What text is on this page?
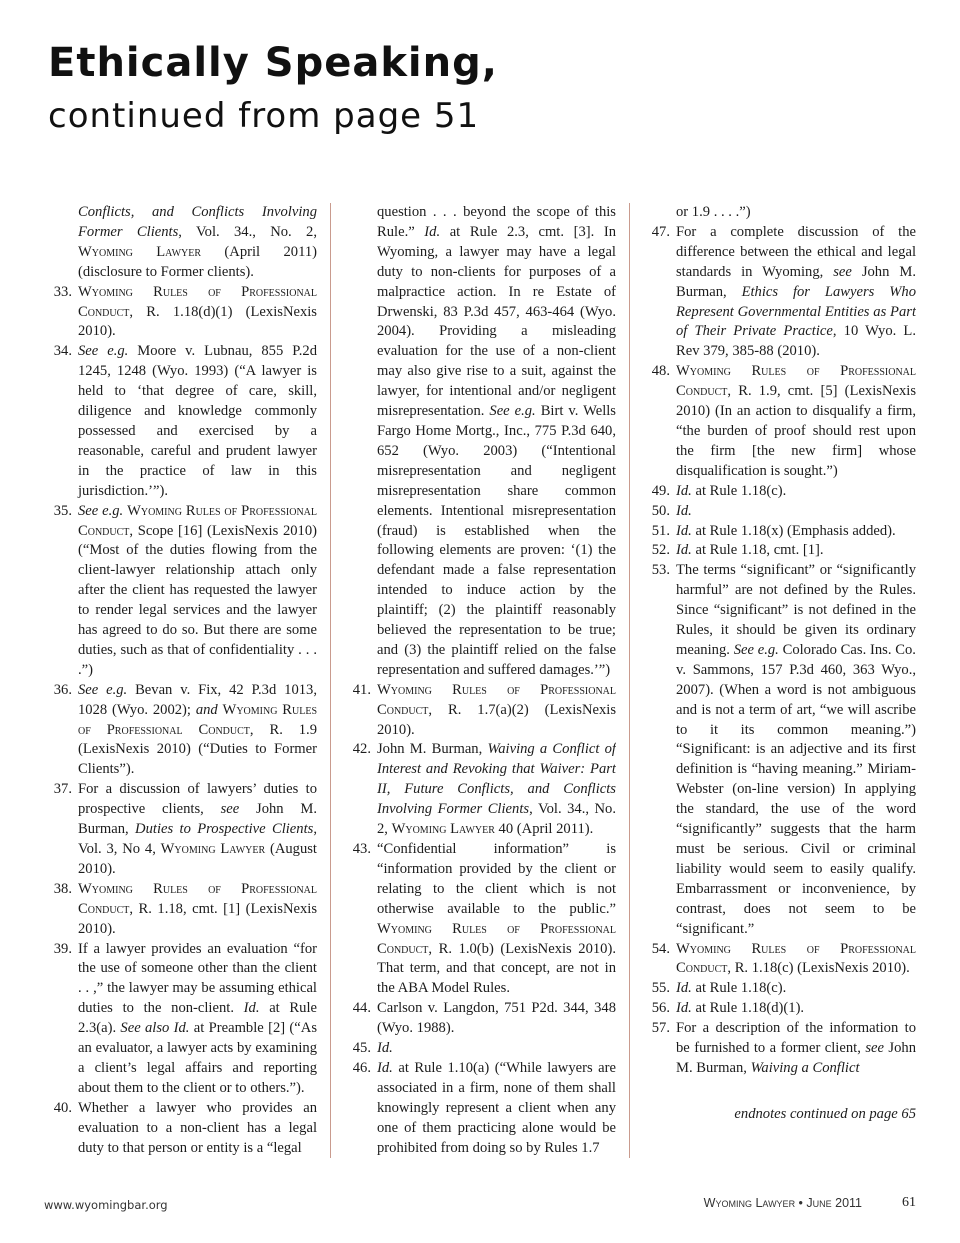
Ethically Speaking,
continued from page 51

Conflicts, and Conflicts Involving Former Clients, Vol. 34., No. 2, Wyoming Lawyer (April 2011) (disclosure to Former clients).

33. Wyoming Rules of Professional Conduct, R. 1.18(d)(1) (LexisNexis 2010).

34. See e.g. Moore v. Lubnau, 855 P.2d 1245, 1248 (Wyo. 1993) (“A lawyer is held to ‘that degree of care, skill, diligence and knowledge commonly possessed and exercised by a reasonable, careful and prudent lawyer in the practice of law in this jurisdiction.’”).

35. See e.g. Wyoming Rules of Professional Conduct, Scope [16] (LexisNexis 2010) (“Most of the duties flowing from the client-lawyer relationship attach only after the client has requested the lawyer to render legal services and the lawyer has agreed to do so. But there are some duties, such as that of confidentiality . . . .”)

36. See e.g. Bevan v. Fix, 42 P.3d 1013, 1028 (Wyo. 2002); and Wyoming Rules of Professional Conduct, R. 1.9 (LexisNexis 2010) (“Duties to Former Clients”).

37. For a discussion of lawyers’ duties to prospective clients, see John M. Burman, Duties to Prospective Clients, Vol. 3, No 4, Wyoming Lawyer (August 2010).

38. Wyoming Rules of Professional Conduct, R. 1.18, cmt. [1] (LexisNexis 2010).

39. If a lawyer provides an evaluation “for the use of someone other than the client . . ,” the lawyer may be assuming ethical duties to the non-client. Id. at Rule 2.3(a). See also Id. at Preamble [2] (“As an evaluator, a lawyer acts by examining a client’s legal affairs and reporting about them to the client or to others.”).

40. Whether a lawyer who provides an evaluation to a non-client has a legal duty to that person or entity is a “legal

question . . . beyond the scope of this Rule.” Id. at Rule 2.3, cmt. [3]. In Wyoming, a lawyer may have a legal duty to non-clients for purposes of a malpractice action. In re Estate of Drwenski, 83 P.3d 457, 463-464 (Wyo. 2004). Providing a misleading evaluation for the use of a non-client may also give rise to a suit, against the lawyer, for intentional and/or negligent misrepresentation. See e.g. Birt v. Wells Fargo Home Mortg., Inc., 775 P.3d 640, 652 (Wyo. 2003) (“Intentional misrepresentation and negligent misrepresentation share common elements. Intentional misrepresentation (fraud) is established when the following elements are proven: ‘(1) the defendant made a false representation intended to induce action by the plaintiff; (2) the plaintiff reasonably believed the representation to be true; and (3) the plaintiff relied on the false representation and suffered damages.’”)

41. Wyoming Rules of Professional Conduct, R. 1.7(a)(2) (LexisNexis 2010).

42. John M. Burman, Waiving a Conflict of Interest and Revoking that Waiver: Part II, Future Conflicts, and Conflicts Involving Former Clients, Vol. 34., No. 2, Wyoming Lawyer 40 (April 2011).

43. “Confidential information” is “information provided by the client or relating to the client which is not otherwise available to the public.” Wyoming Rules of Professional Conduct, R. 1.0(b) (LexisNexis 2010). That term, and that concept, are not in the ABA Model Rules.

44. Carlson v. Langdon, 751 P2d. 344, 348 (Wyo. 1988).

45. Id.

46. Id. at Rule 1.10(a) (“While lawyers are associated in a firm, none of them shall knowingly represent a client when any one of them practicing alone would be prohibited from doing so by Rules 1.7

or 1.9 . . . .”)

47. For a complete discussion of the difference between the ethical and legal standards in Wyoming, see John M. Burman, Ethics for Lawyers Who Represent Governmental Entities as Part of Their Private Practice, 10 Wyo. L. Rev 379, 385-88 (2010).

48. Wyoming Rules of Professional Conduct, R. 1.9, cmt. [5] (LexisNexis 2010) (In an action to disqualify a firm, “the burden of proof should rest upon the firm [the new firm] whose disqualification is sought.”)

49. Id. at Rule 1.18(c).

50. Id.

51. Id. at Rule 1.18(x) (Emphasis added).

52. Id. at Rule 1.18, cmt. [1].

53. The terms “significant” or “significantly harmful” are not defined by the Rules. Since “significant” is not defined in the Rules, it should be given its ordinary meaning. See e.g. Colorado Cas. Ins. Co. v. Sammons, 157 P.3d 460, 363 Wyo., 2007). (When a word is not ambiguous and is not a term of art, “we will ascribe to it its common meaning.”) “Significant: is an adjective and its first definition is “having meaning.” Miriam-Webster (on-line version) In applying the standard, the use of the word “significantly” suggests that the harm must be serious. Civil or criminal liability would seem to easily qualify. Embarrassment or inconvenience, by contrast, does not seem to be “significant.”

54. Wyoming Rules of Professional Conduct, R. 1.18(c) (LexisNexis 2010).

55. Id. at Rule 1.18(c).

56. Id. at Rule 1.18(d)(1).

57. For a description of the information to be furnished to a former client, see John M. Burman, Waiving a Conflict

endnotes continued on page 65
www.wyomingbar.org	Wyoming Lawyer • June 2011	61
